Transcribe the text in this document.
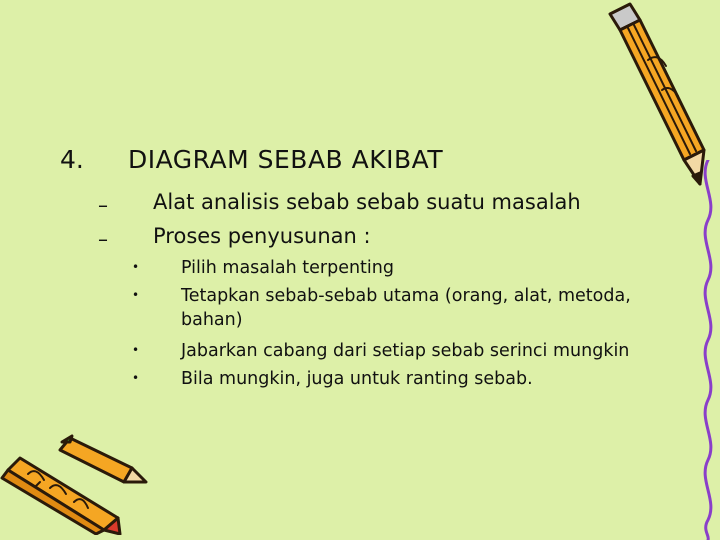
4. DIAGRAM SEBAB AKIBAT
– Alat analisis sebab sebab suatu masalah
– Proses penyusunan :
• Pilih masalah terpenting
• Tetapkan sebab-sebab utama (orang, alat, metoda,
bahan)
• Jabarkan cabang dari setiap sebab serinci mungkin
• Bila mungkin, juga untuk ranting sebab.
